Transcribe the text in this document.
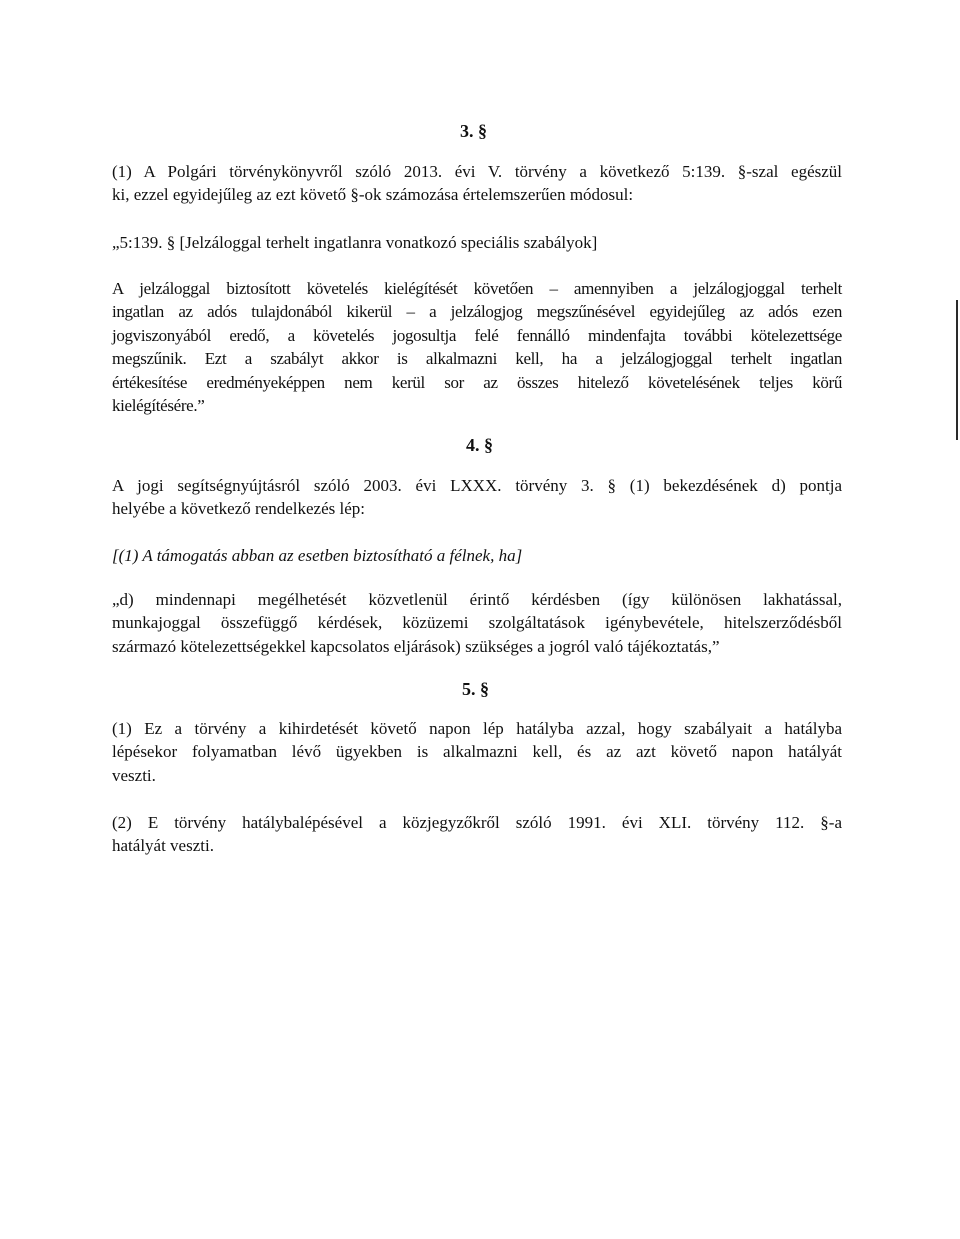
3. §
(1) A Polgári törvénykönyvről szóló 2013. évi V. törvény a következő 5:139. §-szal egészül
ki, ezzel egyidejűleg az ezt követő §-ok számozása értelemszerűen módosul:
„5:139. § [Jelzáloggal terhelt ingatlanra vonatkozó speciális szabályok]
A jelzáloggal biztosított követelés kielégítését követően – amennyiben a jelzálogjoggal terhelt
ingatlan az adós tulajdonából kikerül – a jelzálogjog megszűnésével egyidejűleg az adós ezen
jogviszonyából eredő, a követelés jogosultja felé fennálló mindenfajta további kötelezettsége
megszűnik. Ezt a szabályt akkor is alkalmazni kell, ha a jelzálogjoggal terhelt ingatlan
értékesítése eredményeképpen nem kerül sor az összes hitelező követelésének teljes körű
kielégítésére.”
4. §
A jogi segítségnyújtásról szóló 2003. évi LXXX. törvény 3. § (1) bekezdésének d) pontja
helyébe a következő rendelkezés lép:
[(1) A támogatás abban az esetben biztosítható a félnek, ha]
„d) mindennapi megélhetését közvetlenül érintő kérdésben (így különösen lakhatással,
munkajoggal összefüggő kérdések, közüzemi szolgáltatások igénybevétele, hitelszerződésből
származó kötelezettségekkel kapcsolatos eljárások) szükséges a jogról való tájékoztatás,”
5. §
(1) Ez a törvény a kihirdetését követő napon lép hatályba azzal, hogy szabályait a hatályba
lépésekor folyamatban lévő ügyekben is alkalmazni kell, és az azt követő napon hatályát
veszti.
(2) E törvény hatálybalépésével a közjegyzőkről szóló 1991. évi XLI. törvény 112. §-a
hatályát veszti.
